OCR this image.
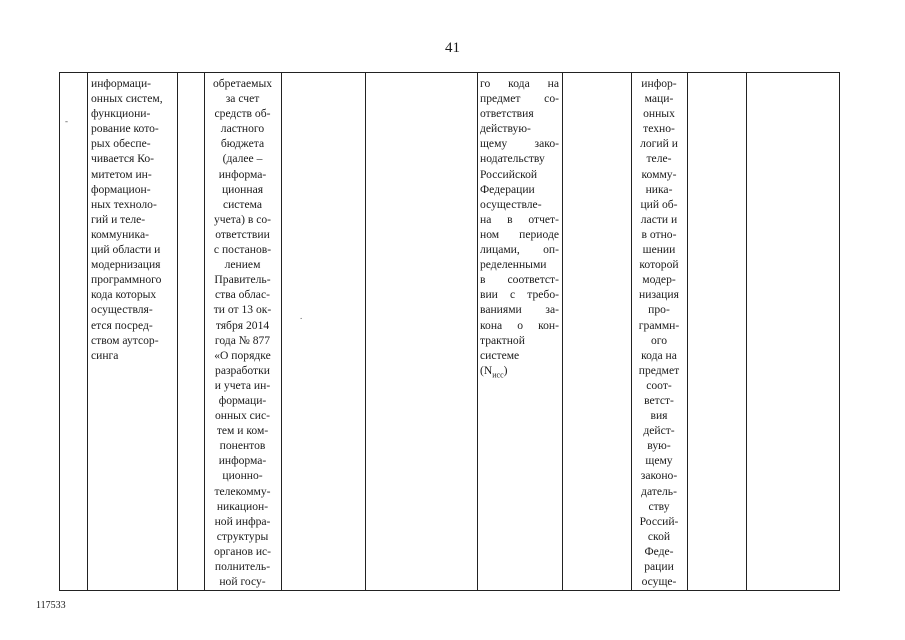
41
информаци-
онных систем,
функциони-
рование кото-
рых обеспе-
чивается Ко-
митетом ин-
формацион-
ных техноло-
гий и теле-
коммуника-
ций области и
модернизация
программного
кода которых
осуществля-
ется посред-
ством аутсор-
синга
обретаемых
за счет
средств об-
ластного
бюджета
(далее –
информа-
ционная
система
учета) в со-
ответствии
с постанов-
лением
Правитель-
ства облас-
ти от 13 ок-
тября 2014
года № 877
«О порядке
разработки
и учета ин-
формаци-
онных сис-
тем и ком-
понентов
информа-
ционно-
телекомму-
никацион-
ной инфра-
структуры
органов ис-
полнитель-
ной госу-
го кода на
предмет со-
ответствия
действую-
щему зако-
нодательству
Российской
Федерации
осуществле-
на в отчет-
ном периоде
лицами, оп-
ределенными
в соответст-
вии с требо-
ваниями за-
кона о кон-
трактной
системе
$(N_{исс})$
инфор-
маци-
онных
техно-
логий и
теле-
комму-
ника-
ций об-
ласти и
в отно-
шении
которой
модер-
низация
про-
граммн-
ого
кода на
предмет
соот-
ветст-
вия
дейст-
вую-
щему
законо-
датель-
ству
Россий-
ской
Феде-
рации
осуще-
-
.
117533
